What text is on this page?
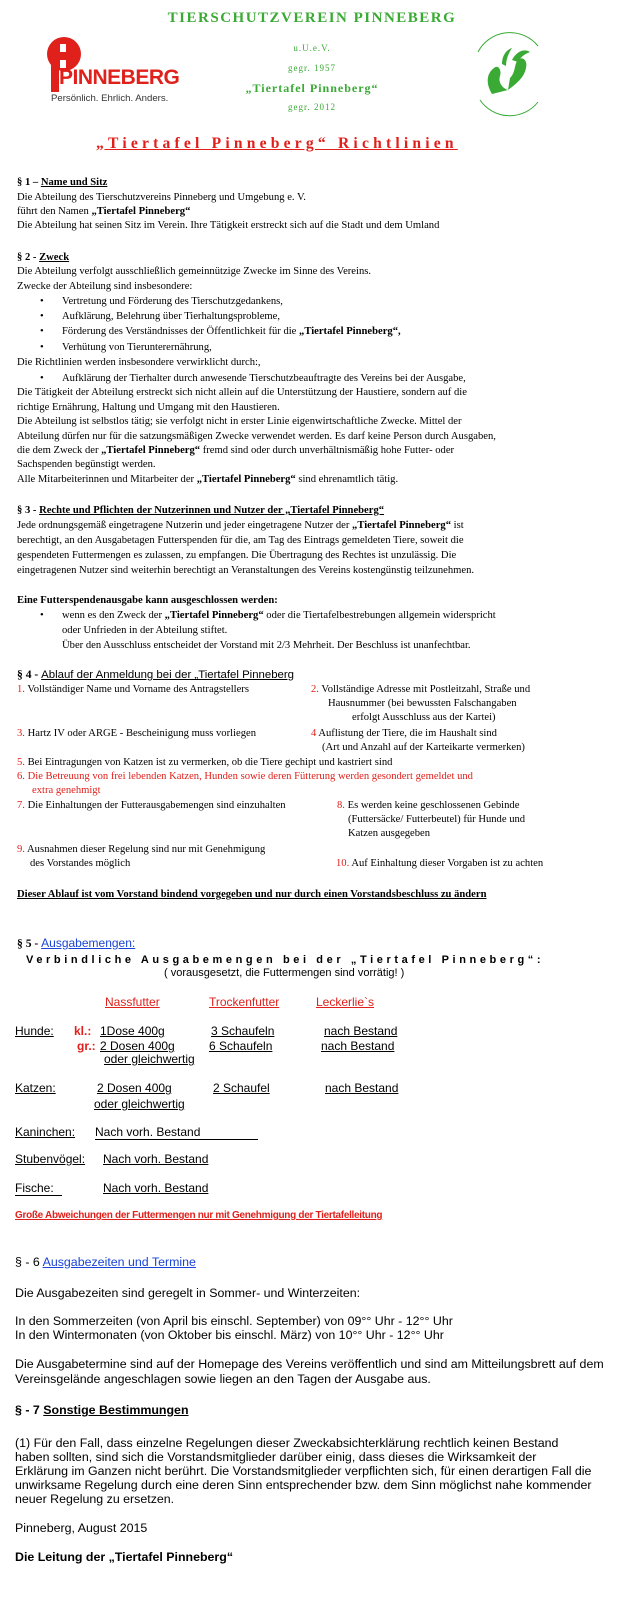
TIERSCHUTZVEREIN PINNEBERG
PINNEBERG
Persönlich. Ehrlich. Anders.
u.U.e.V.
gegr. 1957
„Tiertafel Pinneberg“
gegr. 2012
„Tiertafel Pinneberg“ Richtlinien
§ 1 – Name und Sitz
Die Abteilung des Tierschutzvereins Pinneberg und Umgebung e. V.
führt den Namen „Tiertafel Pinneberg“
Die Abteilung hat seinen Sitz im Verein. Ihre Tätigkeit erstreckt sich auf die Stadt und dem Umland
§ 2 - Zweck
Die Abteilung verfolgt ausschließlich gemeinnützige Zwecke im Sinne des Vereins.
Zwecke der Abteilung sind insbesondere:
• Vertretung und Förderung des Tierschutzgedankens,
• Aufklärung, Belehrung über Tierhaltungsprobleme,
• Förderung des Verständnisses der Öffentlichkeit für die „Tiertafel Pinneberg“,
• Verhütung von Tierunterernährung,
Die Richtlinien werden insbesondere verwirklicht durch:,
• Aufklärung der Tierhalter durch anwesende Tierschutzbeauftragte des Vereins bei der Ausgabe,
Die Tätigkeit der Abteilung erstreckt sich nicht allein auf die Unterstützung der Haustiere, sondern auf die
richtige Ernährung, Haltung und Umgang mit den Haustieren.
Die Abteilung ist selbstlos tätig; sie verfolgt nicht in erster Linie eigenwirtschaftliche Zwecke. Mittel der
Abteilung dürfen nur für die satzungsmäßigen Zwecke verwendet werden. Es darf keine Person durch Ausgaben,
die dem Zweck der „Tiertafel Pinneberg“ fremd sind oder durch unverhältnismäßig hohe Futter- oder
Sachspenden begünstigt werden.
Alle Mitarbeiterinnen und Mitarbeiter der „Tiertafel Pinneberg“ sind ehrenamtlich tätig.
§ 3 - Rechte und Pflichten der Nutzerinnen und Nutzer der „Tiertafel Pinneberg“
Jede ordnungsgemäß eingetragene Nutzerin und jeder eingetragene Nutzer der „Tiertafel Pinneberg“ ist
berechtigt, an den Ausgabetagen Futterspenden für die, am Tag des Eintrags gemeldeten Tiere, soweit die
gespendeten Futtermengen es zulassen, zu empfangen. Die Übertragung des Rechtes ist unzulässig. Die
eingetragenen Nutzer sind weiterhin berechtigt an Veranstaltungen des Vereins kostengünstig teilzunehmen.
Eine Futterspendenausgabe kann ausgeschlossen werden:
• wenn es den Zweck der „Tiertafel Pinneberg“ oder die Tiertafelbestrebungen allgemein widerspricht
oder Unfrieden in der Abteilung stiftet.
Über den Ausschluss entscheidet der Vorstand mit 2/3 Mehrheit. Der Beschluss ist unanfechtbar.
§ 4 - Ablauf der Anmeldung bei der „Tiertafel Pinneberg
1. Vollständiger Name und Vorname des Antragstellers	2. Vollständige Adresse mit Postleitzahl, Straße und
Hausnummer (bei bewussten Falschangaben
erfolgt Ausschluss aus der Kartei)
3. Hartz IV oder ARGE - Bescheinigung muss vorliegen	4 Auflistung der Tiere, die im Haushalt sind
(Art und Anzahl auf der Karteikarte vermerken)
5. Bei Eintragungen von Katzen ist zu vermerken, ob die Tiere gechipt und kastriert sind
6. Die Betreuung von frei lebenden Katzen, Hunden sowie deren Fütterung werden gesondert gemeldet und
extra genehmigt
7. Die Einhaltungen der Futterausgabemengen sind einzuhalten	8. Es werden keine geschlossenen Gebinde
(Futtersäcke/ Futterbeutel) für Hunde und
Katzen ausgegeben
9. Ausnahmen dieser Regelung sind nur mit Genehmigung
des Vorstandes möglich	10. Auf Einhaltung dieser Vorgaben ist zu achten
Dieser Ablauf ist vom Vorstand bindend vorgegeben und nur durch einen Vorstandsbeschluss zu ändern
§ 5 - Ausgabemengen:
Verbindliche Ausgabemengen bei der „Tiertafel Pinneberg“:
( vorausgesetzt, die Futtermengen sind vorrätig! )
Nassfutter	Trockenfutter	Leckerlie`s
Hunde: kl.: 1Dose 400g	3 Schaufeln	nach Bestand
gr.: 2 Dosen 400g	6 Schaufeln	nach Bestand
oder gleichwertig
Katzen:	2 Dosen 400g	2 Schaufel	nach Bestand
oder gleichwertig
Kaninchen: Nach vorh. Bestand
Stubenvögel: Nach vorh. Bestand
Fische:	Nach vorh. Bestand
Große Abweichungen der Futtermengen nur mit Genehmigung der Tiertafelleitung
§ - 6 Ausgabezeiten und Termine
Die Ausgabezeiten sind geregelt in Sommer- und Winterzeiten:
In den Sommerzeiten (von April bis einschl. September) von 09°° Uhr - 12°° Uhr
In den Wintermonaten (von Oktober bis einschl. März) von 10°° Uhr - 12°° Uhr
Die Ausgabetermine sind auf der Homepage des Vereins veröffentlich und sind am Mitteilungsbrett auf dem
Vereinsgelände angeschlagen sowie liegen an den Tagen der Ausgabe aus.
§ - 7 Sonstige Bestimmungen
(1) Für den Fall, dass einzelne Regelungen dieser Zweckabsichterklärung rechtlich keinen Bestand
haben sollten, sind sich die Vorstandsmitglieder darüber einig, dass dieses die Wirksamkeit der
Erklärung im Ganzen nicht berührt. Die Vorstandsmitglieder verpflichten sich, für einen derartigen Fall die
unwirksame Regelung durch eine deren Sinn entsprechender bzw. dem Sinn möglichst nahe kommender
neuer Regelung zu ersetzen.
Pinneberg, August 2015
Die Leitung der „Tiertafel Pinneberg“
